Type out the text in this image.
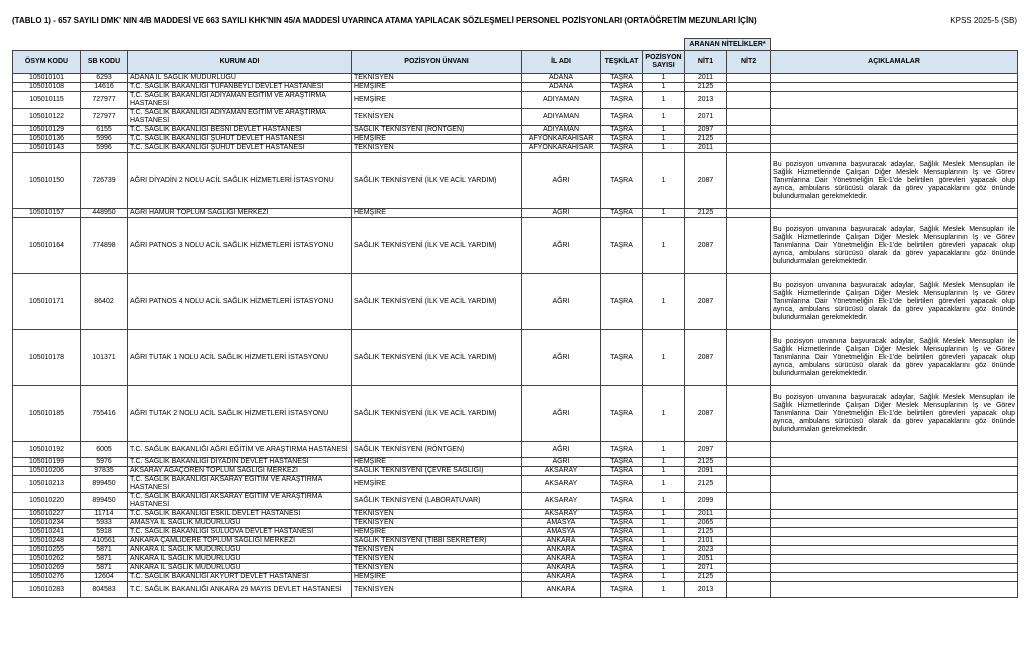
(TABLO 1) - 657 SAYILI DMK' NIN 4/B MADDESİ VE 663 SAYILI KHK'NIN 45/A MADDESİ UYARINCA ATAMA YAPILACAK SÖZLEŞMELİ PERSONEL POZİSYONLARI (ORTAÖĞRETİM MEZUNLARI İÇİN)	KPSS 2025-5 (SB)
							ARANAN NİTELİKLER*		
ÖSYM KODU	SB KODU	KURUM ADI	POZİSYON ÜNVANI	İL ADI	TEŞKİLAT	POZİSYON SAYISI	NİT1	NİT2	AÇIKLAMALAR
105010101	6293	ADANA İL SAĞLIK MÜDÜRLÜĞÜ	TEKNİSYEN	ADANA	TAŞRA	1	2011		
105010108	14616	T.C. SAĞLIK BAKANLIĞI TUFANBEYLİ DEVLET HASTANESİ	HEMŞİRE	ADANA	TAŞRA	1	2125		
105010115	727977	T.C. SAĞLIK BAKANLIĞI ADIYAMAN EĞİTİM VE ARAŞTIRMA HASTANESİ	HEMŞİRE	ADIYAMAN	TAŞRA	1	2013		
105010122	727977	T.C. SAĞLIK BAKANLIĞI ADIYAMAN EĞİTİM VE ARAŞTIRMA HASTANESİ	TEKNİSYEN	ADIYAMAN	TAŞRA	1	2071		
105010129	6155	T.C. SAĞLIK BAKANLIĞI BESNİ DEVLET HASTANESİ	SAĞLIK TEKNİSYENİ (RÖNTGEN)	ADIYAMAN	TAŞRA	1	2097		
105010136	5996	T.C. SAĞLIK BAKANLIĞI ŞUHUT DEVLET HASTANESİ	HEMŞİRE	AFYONKARAHİSAR	TAŞRA	1	2125		
105010143	5996	T.C. SAĞLIK BAKANLIĞI ŞUHUT DEVLET HASTANESİ	TEKNİSYEN	AFYONKARAHİSAR	TAŞRA	1	2011		
105010150	726739	AĞRI DİYADİN 2 NOLU ACİL SAĞLIK HİZMETLERİ İSTASYONU	SAĞLIK TEKNİSYENİ (İLK VE ACİL YARDIM)	AĞRI	TAŞRA	1	2087		Bu pozisyon unvanına başvuracak adaylar, Sağlık Meslek Mensupları ile Sağlık Hizmetlerinde Çalışan Diğer Meslek Mensuplarının İş ve Görev Tanımlarına Dair Yönetmeliğin Ek-1'de belirtilen görevleri yapacak olup ayrıca, ambulans sürücüsü olarak da görev yapacaklarını göz önünde bulundurmaları gerekmektedir.
105010157	448950	AĞRI HAMUR TOPLUM SAĞLIĞI MERKEZİ	HEMŞİRE	AĞRI	TAŞRA	1	2125		
105010164	774898	AĞRI PATNOS 3 NOLU ACİL SAĞLIK HİZMETLERİ İSTASYONU	SAĞLIK TEKNİSYENİ (İLK VE ACİL YARDIM)	AĞRI	TAŞRA	1	2087		Bu pozisyon unvanına başvuracak adaylar, Sağlık Meslek Mensupları ile Sağlık Hizmetlerinde Çalışan Diğer Meslek Mensuplarının İş ve Görev Tanımlarına Dair Yönetmeliğin Ek-1'de belirtilen görevleri yapacak olup ayrıca, ambulans sürücüsü olarak da görev yapacaklarını göz önünde bulundurmaları gerekmektedir.
105010171	86402	AĞRI PATNOS 4 NOLU ACİL SAĞLIK HİZMETLERİ İSTASYONU	SAĞLIK TEKNİSYENİ (İLK VE ACİL YARDIM)	AĞRI	TAŞRA	1	2087		Bu pozisyon unvanına başvuracak adaylar, Sağlık Meslek Mensupları ile Sağlık Hizmetlerinde Çalışan Diğer Meslek Mensuplarının İş ve Görev Tanımlarına Dair Yönetmeliğin Ek-1'de belirtilen görevleri yapacak olup ayrıca, ambulans sürücüsü olarak da görev yapacaklarını göz önünde bulundurmaları gerekmektedir.
105010178	101371	AĞRI TUTAK 1 NOLU ACİL SAĞLIK HİZMETLERİ İSTASYONU	SAĞLIK TEKNİSYENİ (İLK VE ACİL YARDIM)	AĞRI	TAŞRA	1	2087		Bu pozisyon unvanına başvuracak adaylar, Sağlık Meslek Mensupları ile Sağlık Hizmetlerinde Çalışan Diğer Meslek Mensuplarının İş ve Görev Tanımlarına Dair Yönetmeliğin Ek-1'de belirtilen görevleri yapacak olup ayrıca, ambulans sürücüsü olarak da görev yapacaklarını göz önünde bulundurmaları gerekmektedir.
105010185	755416	AĞRI TUTAK 2 NOLU ACİL SAĞLIK HİZMETLERİ İSTASYONU	SAĞLIK TEKNİSYENİ (İLK VE ACİL YARDIM)	AĞRI	TAŞRA	1	2087		Bu pozisyon unvanına başvuracak adaylar, Sağlık Meslek Mensupları ile Sağlık Hizmetlerinde Çalışan Diğer Meslek Mensuplarının İş ve Görev Tanımlarına Dair Yönetmeliğin Ek-1'de belirtilen görevleri yapacak olup ayrıca, ambulans sürücüsü olarak da görev yapacaklarını göz önünde bulundurmaları gerekmektedir.
105010192	6005	T.C. SAĞLIK BAKANLIĞI AĞRI EĞİTİM VE ARAŞTIRMA HASTANESİ	SAĞLIK TEKNİSYENİ (RÖNTGEN)	AĞRI	TAŞRA	1	2097		
105010199	5976	T.C. SAĞLIK BAKANLIĞI DİYADİN DEVLET HASTANESİ	HEMŞİRE	AĞRI	TAŞRA	1	2125		
105010206	97835	AKSARAY AĞAÇÖREN TOPLUM SAĞLIĞI MERKEZİ	SAĞLIK TEKNİSYENİ (ÇEVRE SAĞLIĞI)	AKSARAY	TAŞRA	1	2091		
105010213	899450	T.C. SAĞLIK BAKANLIĞI AKSARAY EĞİTİM VE ARAŞTIRMA HASTANESİ	HEMŞİRE	AKSARAY	TAŞRA	1	2125		
105010220	899450	T.C. SAĞLIK BAKANLIĞI AKSARAY EĞİTİM VE ARAŞTIRMA HASTANESİ	SAĞLIK TEKNİSYENİ (LABORATUVAR)	AKSARAY	TAŞRA	1	2099		
105010227	11714	T.C. SAĞLIK BAKANLIĞI ESKİL DEVLET HASTANESİ	TEKNİSYEN	AKSARAY	TAŞRA	1	2011		
105010234	5933	AMASYA İL SAĞLIK MÜDÜRLÜĞÜ	TEKNİSYEN	AMASYA	TAŞRA	1	2065		
105010241	5918	T.C. SAĞLIK BAKANLIĞI SULUOVA DEVLET HASTANESİ	HEMŞİRE	AMASYA	TAŞRA	1	2125		
105010248	410561	ANKARA ÇAMLIDERE TOPLUM SAĞLIĞI MERKEZİ	SAĞLIK TEKNİSYENİ (TIBBİ SEKRETER)	ANKARA	TAŞRA	1	2101		
105010255	5871	ANKARA İL SAĞLIK MÜDÜRLÜĞÜ	TEKNİSYEN	ANKARA	TAŞRA	1	2023		
105010262	5871	ANKARA İL SAĞLIK MÜDÜRLÜĞÜ	TEKNİSYEN	ANKARA	TAŞRA	1	2051		
105010269	5871	ANKARA İL SAĞLIK MÜDÜRLÜĞÜ	TEKNİSYEN	ANKARA	TAŞRA	1	2071		
105010276	12604	T.C. SAĞLIK BAKANLIĞI AKYURT DEVLET HASTANESİ	HEMŞİRE	ANKARA	TAŞRA	1	2125		
105010283	804583	T.C. SAĞLIK BAKANLIĞI ANKARA 29 MAYIS DEVLET HASTANESİ	TEKNİSYEN	ANKARA	TAŞRA	1	2013		
